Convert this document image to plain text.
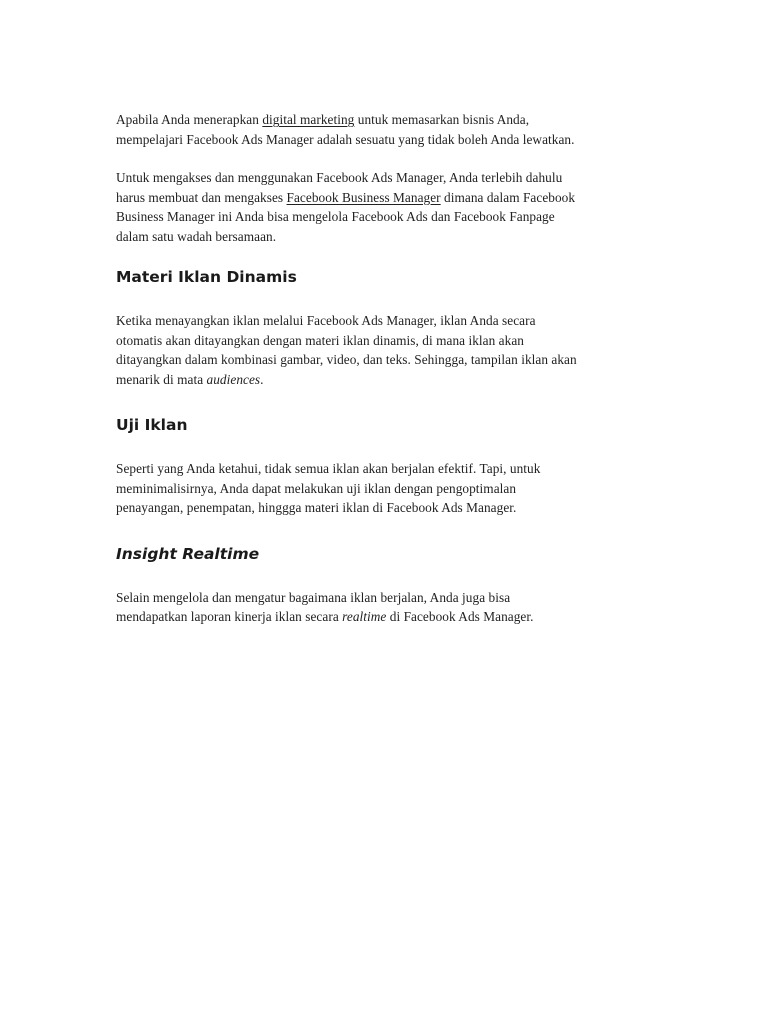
Apabila Anda menerapkan digital marketing untuk memasarkan bisnis Anda,
mempelajari Facebook Ads Manager adalah sesuatu yang tidak boleh Anda lewatkan.

Untuk mengakses dan menggunakan Facebook Ads Manager, Anda terlebih dahulu
harus membuat dan mengakses Facebook Business Manager dimana dalam Facebook
Business Manager ini Anda bisa mengelola Facebook Ads dan Facebook Fanpage
dalam satu wadah bersamaan.

Materi Iklan Dinamis

Ketika menayangkan iklan melalui Facebook Ads Manager, iklan Anda secara
otomatis akan ditayangkan dengan materi iklan dinamis, di mana iklan akan
ditayangkan dalam kombinasi gambar, video, dan teks. Sehingga, tampilan iklan akan
menarik di mata audiences.

Uji Iklan

Seperti yang Anda ketahui, tidak semua iklan akan berjalan efektif. Tapi, untuk
meminimalisirnya, Anda dapat melakukan uji iklan dengan pengoptimalan
penayangan, penempatan, hinggga materi iklan di Facebook Ads Manager.

Insight Realtime

Selain mengelola dan mengatur bagaimana iklan berjalan, Anda juga bisa
mendapatkan laporan kinerja iklan secara realtime di Facebook Ads Manager.
